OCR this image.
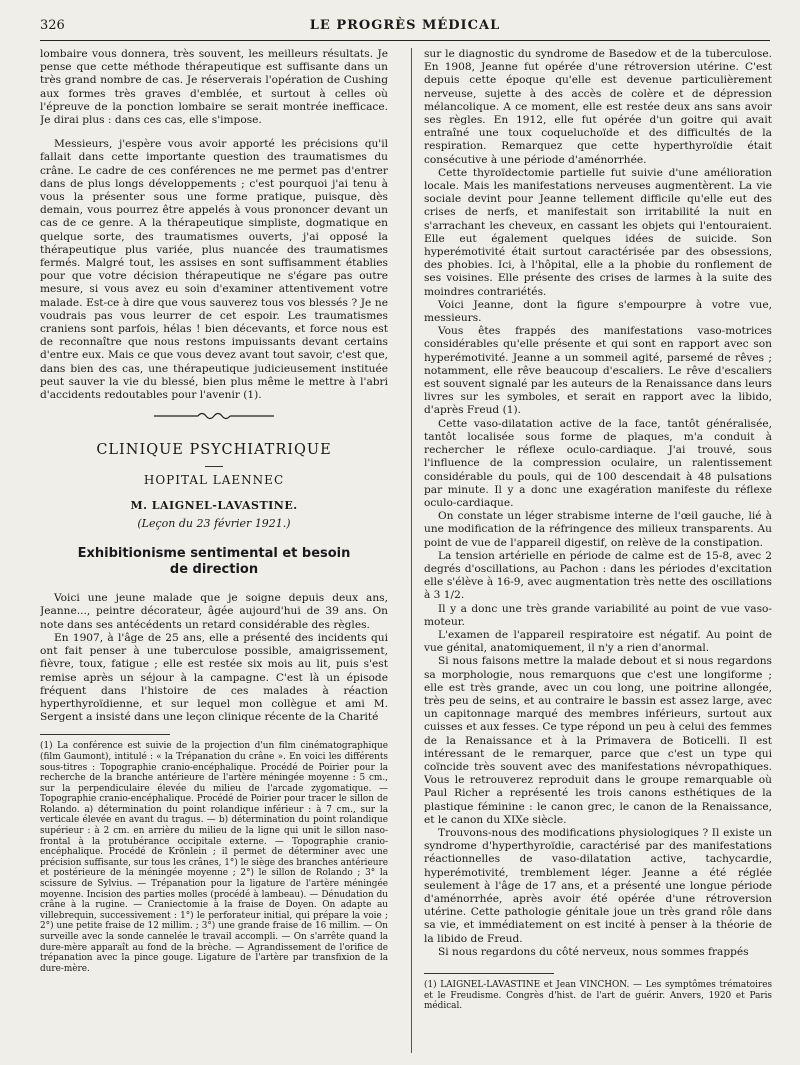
326	LE PROGRÈS MÉDICAL

lombaire vous donnera, très souvent, les meilleurs résultats. Je pense que cette méthode thérapeutique est suffisante dans un très grand nombre de cas. Je réserverais l'opération de Cushing aux formes très graves d'emblée, et surtout à celles où l'épreuve de la ponction lombaire se serait montrée inefficace. Je dirai plus : dans ces cas, elle s'impose.

Messieurs, j'espère vous avoir apporté les précisions qu'il fallait dans cette importante question des traumatismes du crâne. Le cadre de ces conférences ne me permet pas d'entrer dans de plus longs développements ; c'est pourquoi j'ai tenu à vous la présenter sous une forme pratique, puisque, dès demain, vous pourrez être appelés à vous prononcer devant un cas de ce genre. A la thérapeutique simpliste, dogmatique en quelque sorte, des traumatismes ouverts, j'ai opposé la thérapeutique plus variée, plus nuancée des traumatismes fermés. Malgré tout, les assises en sont suffisamment établies pour que votre décision thérapeutique ne s'égare pas outre mesure, si vous avez eu soin d'examiner attentivement votre malade. Est-ce à dire que vous sauverez tous vos blessés ? Je ne voudrais pas vous leurrer de cet espoir. Les traumatismes craniens sont parfois, hélas ! bien décevants, et force nous est de reconnaître que nous restons impuissants devant certains d'entre eux. Mais ce que vous devez avant tout savoir, c'est que, dans bien des cas, une thérapeutique judicieusement instituée peut sauver la vie du blessé, bien plus même le mettre à l'abri d'accidents redoutables pour l'avenir (1).

CLINIQUE PSYCHIATRIQUE
HOPITAL LAENNEC
M. LAIGNEL-LAVASTINE.
(Leçon du 23 février 1921.)
Exhibitionisme sentimental et besoin
de direction

Voici une jeune malade que je soigne depuis deux ans, Jeanne..., peintre décorateur, âgée aujourd'hui de 39 ans. On note dans ses antécédents un retard considérable des règles.

En 1907, à l'âge de 25 ans, elle a présenté des incidents qui ont fait penser à une tuberculose possible, amaigrissement, fièvre, toux, fatigue ; elle est restée six mois au lit, puis s'est remise après un séjour à la campagne. C'est là un épisode fréquent dans l'histoire de ces malades à réaction hyperthyroïdienne, et sur lequel mon collègue et ami M. Sergent a insisté dans une leçon clinique récente de la Charité

(1) La conférence est suivie de la projection d'un film cinématographique (film Gaumont), intitulé : « la Trépanation du crâne ». En voici les différents sous-titres : Topographie cranio-encéphalique. Procédé de Poirier pour la recherche de la branche antérieure de l'artère méningée moyenne : 5 cm., sur la perpendiculaire élevée du milieu de l'arcade zygomatique. — Topographie cranio-encéphalique. Procédé de Poirier pour tracer le sillon de Rolando. a) détermination du point rolandique inférieur : à 7 cm., sur la verticale élevée en avant du tragus. — b) détermination du point rolandique supérieur : à 2 cm. en arrière du milieu de la ligne qui unit le sillon naso-frontal à la protubérance occipitale externe. — Topographie cranio-encéphalique. Procédé de Krönlein ; il permet de déterminer avec une précision suffisante, sur tous les crânes, 1°) le siège des branches antérieure et postérieure de la méningée moyenne ; 2°) le sillon de Rolando ; 3° la scissure de Sylvius. — Trépanation pour la ligature de l'artère méningée moyenne. Incision des parties molles (procédé à lambeau). — Dénudation du crâne à la rugine. — Craniectomie à la fraise de Doyen. On adapte au villebrequin, successivement : 1°) le perforateur initial, qui prépare la voie ; 2°) une petite fraise de 12 millim. ; 3°) une grande fraise de 16 millim. — On surveille avec la sonde cannelée le travail accompli. — On s'arrête quand la dure-mère apparaît au fond de la brèche. — Agrandissement de l'orifice de trépanation avec la pince gouge. Ligature de l'artère par transfixion de la dure-mère.

sur le diagnostic du syndrome de Basedow et de la tuberculose. En 1908, Jeanne fut opérée d'une rétroversion utérine. C'est depuis cette époque qu'elle est devenue particulièrement nerveuse, sujette à des accès de colère et de dépression mélancolique. A ce moment, elle est restée deux ans sans avoir ses règles. En 1912, elle fut opérée d'un goitre qui avait entraîné une toux coqueluchoïde et des difficultés de la respiration. Remarquez que cette hyperthyroïdie était consécutive à une période d'aménorrhée.

Cette thyroïdectomie partielle fut suivie d'une amélioration locale. Mais les manifestations nerveuses augmentèrent. La vie sociale devint pour Jeanne tellement difficile qu'elle eut des crises de nerfs, et manifestait son irritabilité la nuit en s'arrachant les cheveux, en cassant les objets qui l'entouraient. Elle eut également quelques idées de suicide. Son hyperémotivité était surtout caractérisée par des obsessions, des phobies. Ici, à l'hôpital, elle a la phobie du ronflement de ses voisines. Elle présente des crises de larmes à la suite des moindres contrariétés.

Voici Jeanne, dont la figure s'empourpre à votre vue, messieurs.

Vous êtes frappés des manifestations vaso-motrices considérables qu'elle présente et qui sont en rapport avec son hyperémotivité. Jeanne a un sommeil agité, parsemé de rêves ; notamment, elle rêve beaucoup d'escaliers. Le rêve d'escaliers est souvent signalé par les auteurs de la Renaissance dans leurs livres sur les symboles, et serait en rapport avec la libido, d'après Freud (1).

Cette vaso-dilatation active de la face, tantôt généralisée, tantôt localisée sous forme de plaques, m'a conduit à rechercher le réflexe oculo-cardiaque. J'ai trouvé, sous l'influence de la compression oculaire, un ralentissement considérable du pouls, qui de 100 descendait à 48 pulsations par minute. Il y a donc une exagération manifeste du réflexe oculo-cardiaque.

On constate un léger strabisme interne de l'œil gauche, lié à une modification de la réfringence des milieux transparents. Au point de vue de l'appareil digestif, on relève de la constipation.

La tension artérielle en période de calme est de 15-8, avec 2 degrés d'oscillations, au Pachon : dans les périodes d'excitation elle s'élève à 16-9, avec augmentation très nette des oscillations à 3 1/2.

Il y a donc une très grande variabilité au point de vue vaso-moteur.

L'examen de l'appareil respiratoire est négatif. Au point de vue génital, anatomiquement, il n'y a rien d'anormal.

Si nous faisons mettre la malade debout et si nous regardons sa morphologie, nous remarquons que c'est une longiforme ; elle est très grande, avec un cou long, une poitrine allongée, très peu de seins, et au contraire le bassin est assez large, avec un capitonnage marqué des membres inférieurs, surtout aux cuisses et aux fesses. Ce type répond un peu à celui des femmes de la Renaissance et à la Primavera de Boticelli. Il est intéressant de le remarquer, parce que c'est un type qui coïncide très souvent avec des manifestations névropathiques. Vous le retrouverez reproduit dans le groupe remarquable où Paul Richer a représenté les trois canons esthétiques de la plastique féminine : le canon grec, le canon de la Renaissance, et le canon du XIXe siècle.

Trouvons-nous des modifications physiologiques ? Il existe un syndrome d'hyperthyroïdie, caractérisé par des manifestations réactionnelles de vaso-dilatation active, tachycardie, hyperémotivité, tremblement léger. Jeanne a été réglée seulement à l'âge de 17 ans, et a présenté une longue période d'aménorrhée, après avoir été opérée d'une rétroversion utérine. Cette pathologie génitale joue un très grand rôle dans sa vie, et immédiatement on est incité à penser à la théorie de la libido de Freud.

Si nous regardons du côté nerveux, nous sommes frappés

(1) LAIGNEL-LAVASTINE et Jean VINCHON. — Les symptômes trématoires et le Freudisme. Congrès d'hist. de l'art de guérir. Anvers, 1920 et Paris médical.
